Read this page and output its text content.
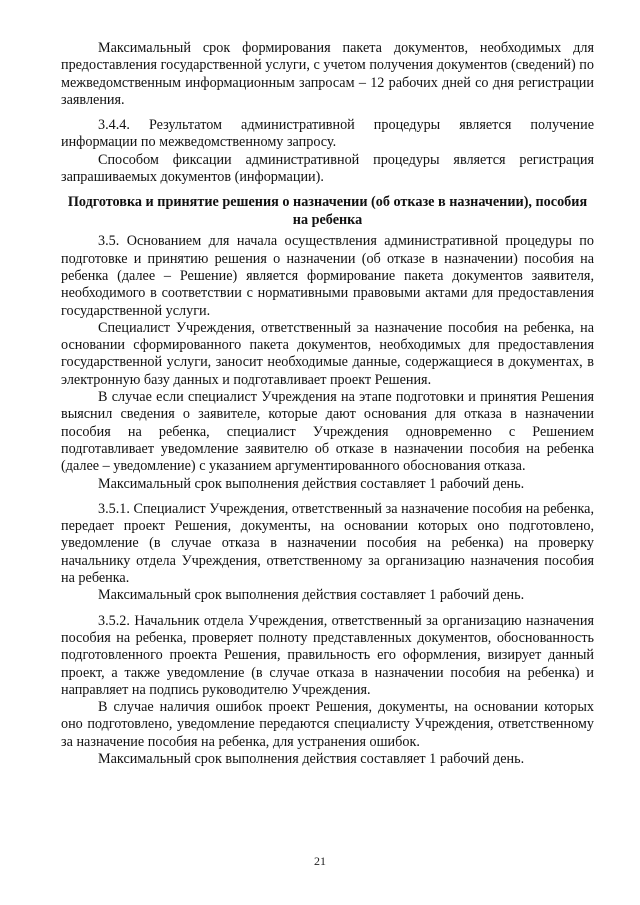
Максимальный срок формирования пакета документов, необходимых для предоставления государственной услуги, с учетом получения документов (сведений) по межведомственным информационным запросам – 12 рабочих дней со дня регистрации заявления.

3.4.4. Результатом административной процедуры является получение информации по межведомственному запросу.

Способом фиксации административной процедуры является регистрация запрашиваемых документов (информации).

Подготовка и принятие решения о назначении (об отказе в назначении), пособия на ребенка

3.5. Основанием для начала осуществления административной процедуры по подготовке и принятию решения о назначении (об отказе в назначении) пособия на ребенка (далее – Решение) является формирование пакета документов заявителя, необходимого в соответствии с нормативными правовыми актами для предоставления государственной услуги.

Специалист Учреждения, ответственный за назначение пособия на ребенка, на основании сформированного пакета документов, необходимых для предоставления государственной услуги, заносит необходимые данные, содержащиеся в документах, в электронную базу данных и подготавливает проект Решения.

В случае если специалист Учреждения на этапе подготовки и принятия Решения выяснил сведения о заявителе, которые дают основания для отказа в назначении пособия на ребенка, специалист Учреждения одновременно с Решением подготавливает уведомление заявителю об отказе в назначении пособия на ребенка (далее – уведомление) с указанием аргументированного обоснования отказа.

Максимальный срок выполнения действия составляет 1 рабочий день.

3.5.1. Специалист Учреждения, ответственный за назначение пособия на ребенка, передает проект Решения, документы, на основании которых оно подготовлено, уведомление (в случае отказа в назначении пособия на ребенка) на проверку начальнику отдела Учреждения, ответственному за организацию назначения пособия на ребенка.

Максимальный срок выполнения действия составляет 1 рабочий день.

3.5.2. Начальник отдела Учреждения, ответственный за организацию назначения пособия на ребенка, проверяет полноту представленных документов, обоснованность подготовленного проекта Решения, правильность его оформления, визирует данный проект, а также уведомление (в случае отказа в назначении пособия на ребенка) и направляет на подпись руководителю Учреждения.

В случае наличия ошибок проект Решения, документы, на основании которых оно подготовлено, уведомление передаются специалисту Учреждения, ответственному за назначение пособия на ребенка, для устранения ошибок.

Максимальный срок выполнения действия составляет 1 рабочий день.

21
